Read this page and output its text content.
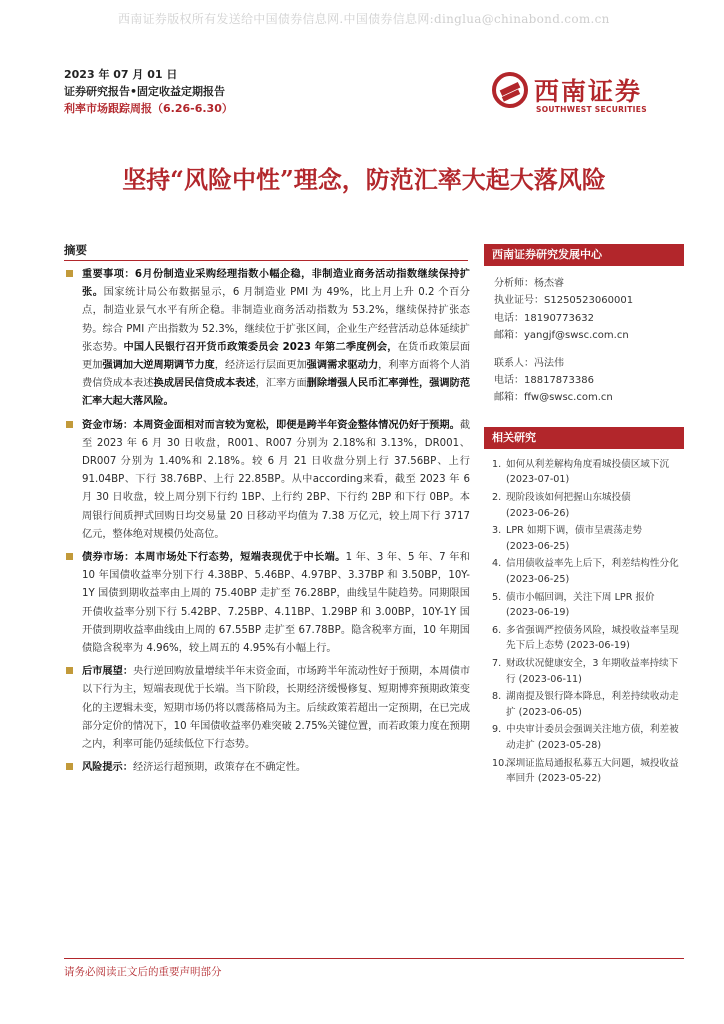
西南证券版权所有发送给中国债券信息网.中国债券信息网:dinglua@chinabond.com.cn
2023 年 07 月 01 日
证券研究报告•固定收益定期报告
利率市场跟踪周报（6.26-6.30）
西南证券
SOUTHWEST SECURITIES
坚持“风险中性”理念，防范汇率大起大落风险
摘要

重要事项：6月份制造业采购经理指数小幅企稳，非制造业商务活动指数继续保持扩张。国家统计局公布数据显示，6 月制造业 PMI 为 49%，比上月上升 0.2 个百分点，制造业景气水平有所企稳。非制造业商务活动指数为 53.2%，继续保持扩张态势。综合 PMI 产出指数为 52.3%，继续位于扩张区间，企业生产经营活动总体延续扩张态势。中国人民银行召开货币政策委员会 2023 年第二季度例会，在货币政策层面更加强调加大逆周期调节力度，经济运行层面更加强调需求驱动力，利率方面将个人消费信贷成本表述换成居民信贷成本表述，汇率方面删除增强人民币汇率弹性，强调防范汇率大起大落风险。

资金市场：本周资金面相对而言较为宽松，即便是跨半年资金整体情况仍好于预期。截至 2023 年 6 月 30 日收盘，R001、R007 分别为 2.18%和 3.13%，DR001、DR007 分别为 1.40%和 2.18%。较 6 月 21 日收盘分别上行 37.56BP、上行 91.04BP、下行 38.76BP、上行 22.85BP。从中according来看，截至 2023 年 6 月 30 日收盘，较上周分别下行约 1BP、上行约 2BP、下行约 2BP 和下行 0BP。本周银行间质押式回购日均交易量 20 日移动平均值为 7.38 万亿元，较上周下行 3717 亿元，整体绝对规模仍处高位。

债券市场：本周市场处下行态势，短端表现优于中长端。1 年、3 年、5 年、7 年和 10 年国债收益率分别下行 4.38BP、5.46BP、4.97BP、3.37BP 和 3.50BP，10Y-1Y 国债到期收益率由上周的 75.40BP 走扩至 76.28BP，曲线呈牛陡趋势。同期限国开债收益率分别下行 5.42BP、7.25BP、4.11BP、1.29BP 和 3.00BP，10Y-1Y 国开债到期收益率曲线由上周的 67.55BP 走扩至 67.78BP。隐含税率方面，10 年期国债隐含税率为 4.96%，较上周五的 4.95%有小幅上行。

后市展望：央行逆回购放量增续半年末资金面，市场跨半年流动性好于预期，本周债市以下行为主，短端表现优于长端。当下阶段，长期经济缓慢修复、短期博弈预期政策变化的主逻辑未变，短期市场仍将以震荡格局为主。后续政策若超出一定预期，在已完成部分定价的情况下，10 年国债收益率仍难突破 2.75%关键位置，而若政策力度在预期之内，利率可能仍延续低位下行态势。

风险提示：经济运行超预期，政策存在不确定性。

西南证券研究发展中心
分析师：杨杰睿
执业证号：S1250523060001
电话：18190773632
邮箱：yangjf@swsc.com.cn
联系人：冯法伟
电话：18817873386
邮箱：ffw@swsc.com.cn
相关研究
1. 如何从利差解构角度看城投债区域下沉 (2023-07-01)
2. 现阶段该如何把握山东城投债 (2023-06-26)
3. LPR 如期下调，债市呈震荡走势 (2023-06-25)
4. 信用债收益率先上后下，利差结构性分化 (2023-06-25)
5. 债市小幅回调，关注下周 LPR 报价 (2023-06-19)
6. 多省强调严控债务风险，城投收益率呈现先下后上态势 (2023-06-19)
7. 财政状况健康安全，3 年期收益率持续下行 (2023-06-11)
8. 湖南提及银行降本降息，利差持续收动走扩 (2023-06-05)
9. 中央审计委员会强调关注地方债，利差被动走扩 (2023-05-28)
10.
深圳证监局通报私募五大问题，城投收益率回升 (2023-05-22)
请务必阅读正文后的重要声明部分
